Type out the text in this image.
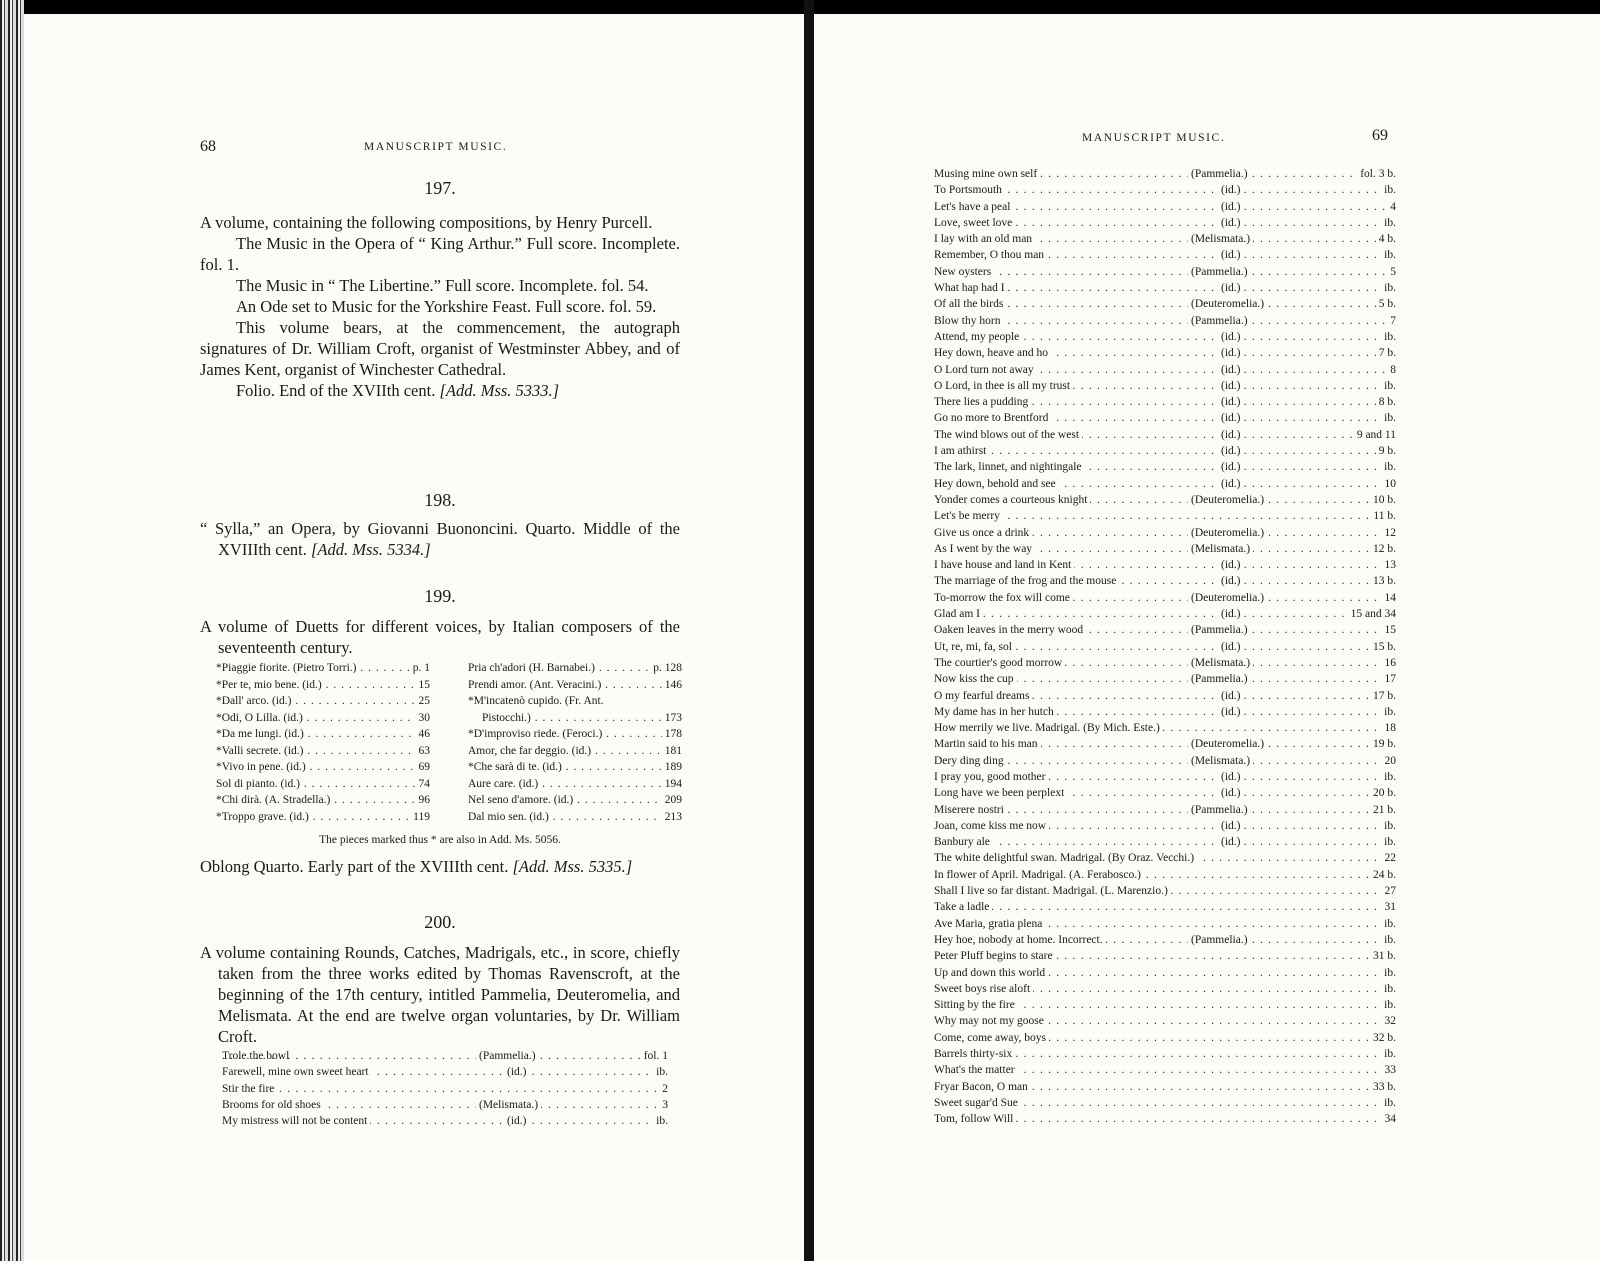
68	MANUSCRIPT MUSIC.
197.

A volume, containing the following compositions, by Henry Purcell.

The Music in the Opera of “ King Arthur.” Full score. Incomplete. fol. 1.

The Music in “ The Libertine.” Full score. Incomplete. fol. 54.

An Ode set to Music for the Yorkshire Feast. Full score. fol. 59.

This volume bears, at the commencement, the autograph signatures of Dr. William Croft, organist of Westminster Abbey, and of James Kent, organist of Winchester Cathedral.

Folio. End of the XVIIth cent. [Add. Mss. 5333.]

198.

“ Sylla,” an Opera, by Giovanni Buononcini. Quarto. Middle of the XVIIIth cent. [Add. Mss. 5334.]

199.

A volume of Duetts for different voices, by Italian composers of the seventeenth century.

*Piaggie fiorite. (Pietro Torri.) . . .	p. 1
*Per te, mio bene. (id.) . . .	15
*Dall' arco. (id.) . . .	25
*Odi, O Lilla. (id.) . . .	30
*Da me lungi. (id.) . . .	46
*Valli secrete. (id.) . . .	63
*Vivo in pene. (id.) . . .	69
Sol di pianto. (id.) . . .	74
*Chi dirà. (A. Stradella.) . . .	96
*Troppo grave. (id.) . . .	119
Pria ch'adori (H. Barnabei.) . . .	p. 128
Prendi amor. (Ant. Veracini.) . . .	146
*M'incatenò cupido. (Fr. Ant.
Pistocchi.) . . .	173
*D'improviso riede. (Feroci.) . . .	178
Amor, che far deggio. (id.) . . .	181
*Che sarà di te. (id.) . . .	189
Aure care. (id.) . . .	194
Nel seno d'amore. (id.) . . .	209
Dal mio sen. (id.) . . .	213
The pieces marked thus * are also in Add. Ms. 5056.

Oblong Quarto. Early part of the XVIIIth cent. [Add. Mss. 5335.]

200.

A volume containing Rounds, Catches, Madrigals, etc., in score, chiefly taken from the three works edited by Thomas Ravenscroft, at the beginning of the 17th century, intitled Pammelia, Deuteromelia, and Melismata. At the end are twelve organ voluntaries, by Dr. William Croft.

Trole the bowl . . .	(Pammelia.)	fol. 1
. . .
Farewell, mine own sweet heart	(id.)	ib.
. . .
Stir the fire	2
. . .
Brooms for old shoes	(Melismata.)	3
. . .
My mistress will not be content	(id.)	ib.
MANUSCRIPT MUSIC.	69
. . .
Musing mine own self	(Pammelia.)	fol. 3 b.
. . .
To Portsmouth	(id.)	ib.
. . .
Let's have a peal	(id.)	4
. . .
Love, sweet love	(id.)	ib.
. . .
I lay with an old man	(Melismata.)	4 b.
. . .
Remember, O thou man	(id.)	ib.
. . .
New oysters	(Pammelia.)	5
. . .
What hap had I	(id.)	ib.
. . .
Of all the birds	(Deuteromelia.)	5 b.
. . .
Blow thy horn	(Pammelia.)	7
. . .
Attend, my people	(id.)	ib.
. . .
Hey down, heave and ho	(id.)	7 b.
. . .
O Lord turn not away	(id.)	8
. . .
O Lord, in thee is all my trust	(id.)	ib.
. . .
There lies a pudding	(id.)	8 b.
. . .
Go no more to Brentford	(id.)	ib.
. . .
The wind blows out of the west	(id.)	9 and 11
. . .
I am athirst	(id.)	9 b.
. . .
The lark, linnet, and nightingale	(id.)	ib.
. . .
Hey down, behold and see	(id.)	10
. . .
Yonder comes a courteous knight	(Deuteromelia.)	10 b.
. . .
Let's be merry	11 b.
. . .
Give us once a drink	(Deuteromelia.)	12
. . .
As I went by the way	(Melismata.)	12 b.
. . .
I have house and land in Kent	(id.)	13
. . .
The marriage of the frog and the mouse	(id.)	13 b.
. . .
To-morrow the fox will come	(Deuteromelia.)	14
. . .
Glad am I	(id.)	15 and 34
. . .
Oaken leaves in the merry wood	(Pammelia.)	15
. . .
Ut, re, mi, fa, sol	(id.)	15 b.
. . .
The courtier's good morrow	(Melismata.)	16
. . .
Now kiss the cup	(Pammelia.)	17
. . .
O my fearful dreams	(id.)	17 b.
. . .
My dame has in her hutch	(id.)	ib.
. . .
How merrily we live. Madrigal. (By Mich. Este.)	18
. . .
Martin said to his man	(Deuteromelia.)	19 b.
. . .
Dery ding ding	(Melismata.)	20
. . .
I pray you, good mother	(id.)	ib.
. . .
Long have we been perplext	(id.)	20 b.
. . .
Miserere nostri	(Pammelia.)	21 b.
. . .
Joan, come kiss me now	(id.)	ib.
. . .
Banbury ale	(id.)	ib.
. . .
The white delightful swan. Madrigal. (By Oraz. Vecchi.)	22
. . .
In flower of April. Madrigal. (A. Ferabosco.)	24 b.
. . .
Shall I live so far distant. Madrigal. (L. Marenzio.)	27
. . .
Take a ladle	31
. . .
Ave Maria, gratia plena	ib.
. . .
Hey hoe, nobody at home. Incorrect.	(Pammelia.)	ib.
. . .
Peter Pluff begins to stare	31 b.
. . .
Up and down this world	ib.
. . .
Sweet boys rise aloft	ib.
. . .
Sitting by the fire	ib.
. . .
Why may not my goose	32
. . .
Come, come away, boys	32 b.
. . .
Barrels thirty-six	ib.
. . .
What's the matter	33
. . .
Fryar Bacon, O man	33 b.
. . .
Sweet sugar'd Sue	ib.
. . .
Tom, follow Will	34
